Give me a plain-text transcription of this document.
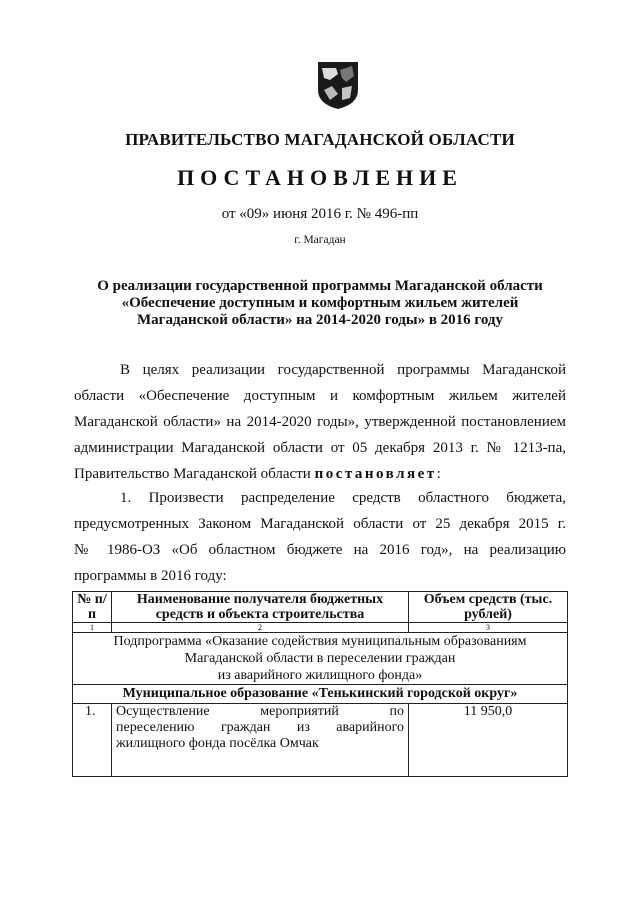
ПРАВИТЕЛЬСТВО МАГАДАНСКОЙ ОБЛАСТИ
ПОСТАНОВЛЕНИЕ
от «09» июня 2016 г. № 496-пп
г. Магадан
О реализации государственной программы Магаданской области
«Обеспечение доступным и комфортным жильем жителей
Магаданской области» на 2014-2020 годы» в 2016 году
В целях реализации государственной программы Магаданской
области «Обеспечение доступным и комфортным жильем жителей
Магаданской области» на 2014-2020 годы», утвержденной постановлением
администрации Магаданской области от 05 декабря 2013 г. № 1213-па,
Правительство Магаданской области постановляет:
1. Произвести распределение средств областного бюджета,
предусмотренных Законом Магаданской области от 25 декабря 2015 г.
№ 1986-ОЗ «Об областном бюджете на 2016 год», на реализацию
программы в 2016 году:
№ п/п	Наименование получателя бюджетных средств и объекта строительства	Объем средств (тыс. рублей)
1	2	3

Подпрограмма «Оказание содействия муниципальным образованиям
Магаданской области в переселении граждан
из аварийного жилищного фонда»		

Муниципальное образование «Тенькинский городской округ»		
1.	Осуществление мероприятий по
переселению граждан из аварийного
жилищного фонда посёлка Омчак	11 950,0
